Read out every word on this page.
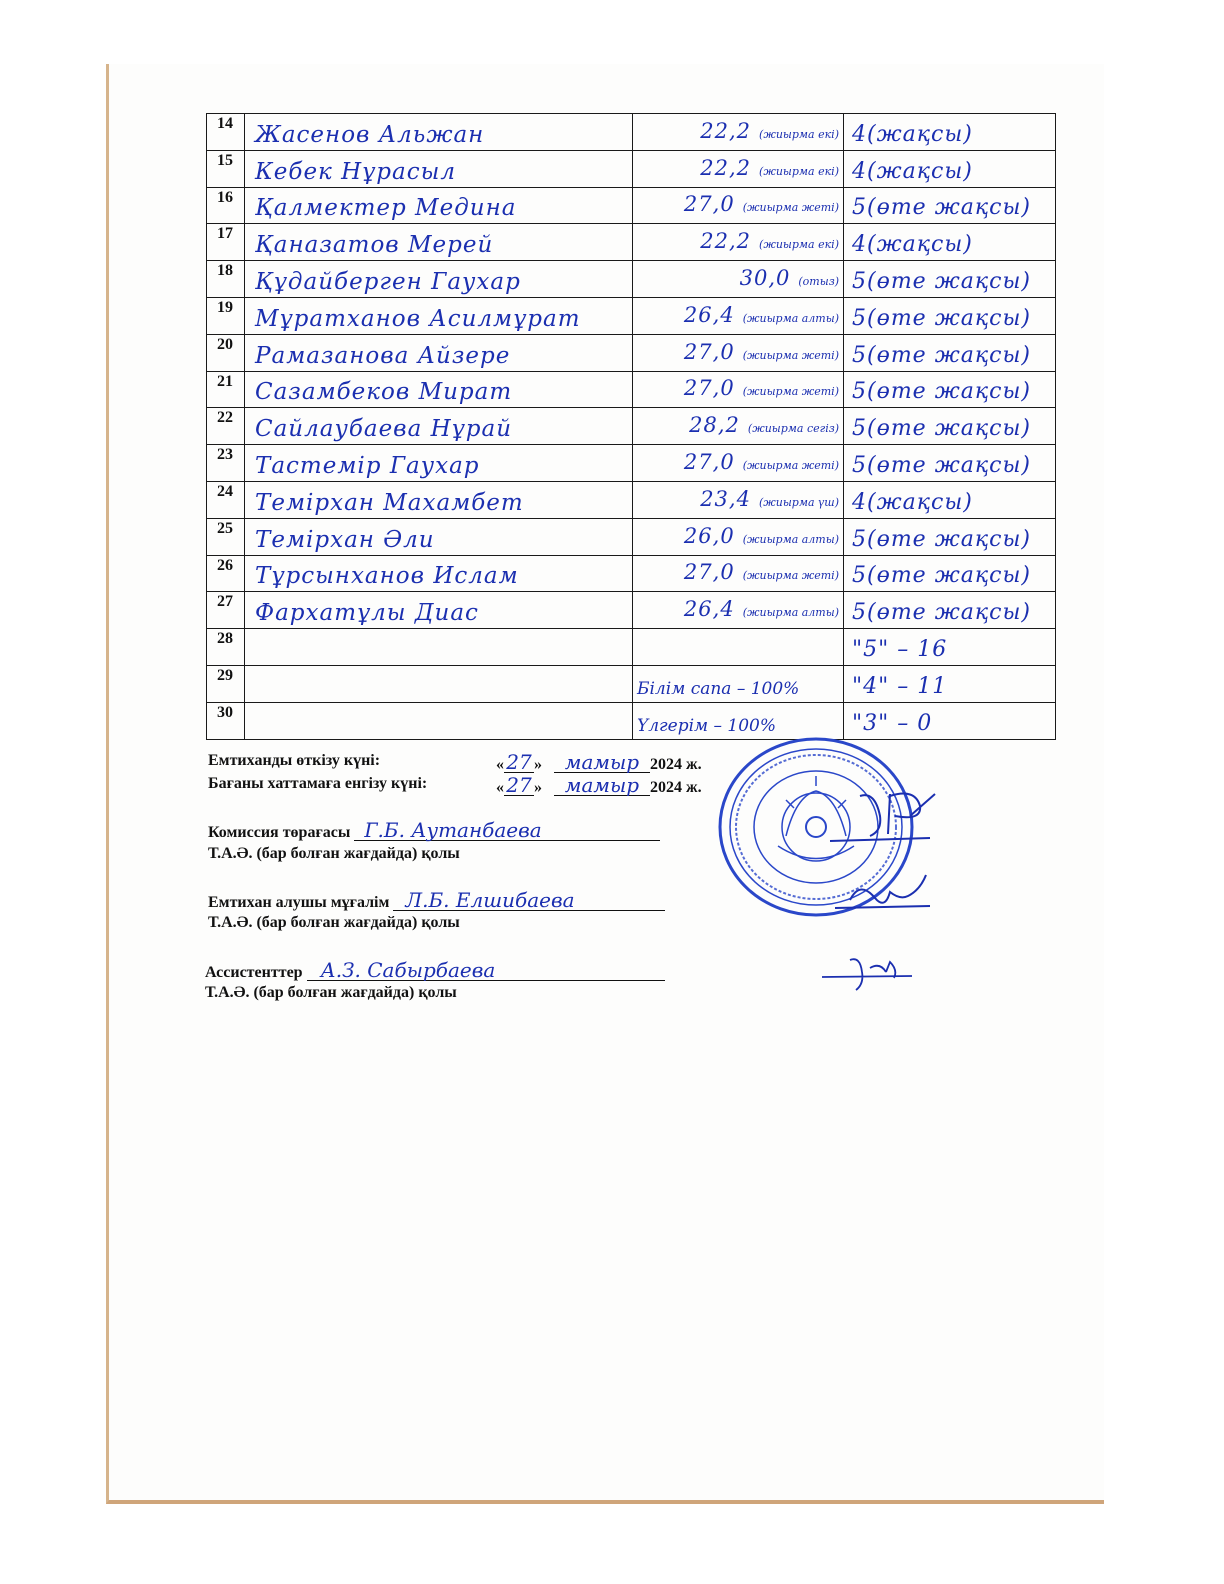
14	Жасенов Альжан	22,2 (жиырма екі)	4(жақсы)
15	Кебек Нұрасыл	22,2 (жиырма екі)	4(жақсы)
16	Қалмектер Медина	27,0 (жиырма жеті)	5(өте жақсы)
17	Қаназатов Мерей	22,2 (жиырма екі)	4(жақсы)
18	Құдайберген Гаухар	30,0 (отыз)	5(өте жақсы)
19	Мұратханов Асилмұрат	26,4 (жиырма алты)	5(өте жақсы)
20	Рамазанова Айзере	27,0 (жиырма жеті)	5(өте жақсы)
21	Сазамбеков Мират	27,0 (жиырма жеті)	5(өте жақсы)
22	Сайлаубаева Нұрай	28,2 (жиырма сегіз)	5(өте жақсы)
23	Тастемір Гаухар	27,0 (жиырма жеті)	5(өте жақсы)
24	Темірхан Махамбет	23,4 (жиырма үш)	4(жақсы)
25	Темірхан Әли	26,0 (жиырма алты)	5(өте жақсы)
26	Тұрсынханов Ислам	27,0 (жиырма жеті)	5(өте жақсы)
27	Фархатұлы Диас	26,4 (жиырма алты)	5(өте жақсы)
28			"5" – 16
29		Білім сапа – 100%	"4" – 11
30		Үлгерім – 100%	"3" – 0
Емтиханды өткізу күні:	« 27 » мамыр 2024 ж.
Бағаны хаттамаға енгізу күні:	« 27 » мамыр 2024 ж.
Комиссия төрағасы Г.Б. Аутанбаева
Т.А.Ә. (бар болған жағдайда) қолы
Емтихан алушы мұғалім Л.Б. Елшибаева
Т.А.Ә. (бар болған жағдайда) қолы
Ассистенттер А.З. Сабырбаева
Т.А.Ә. (бар болған жағдайда) қолы
